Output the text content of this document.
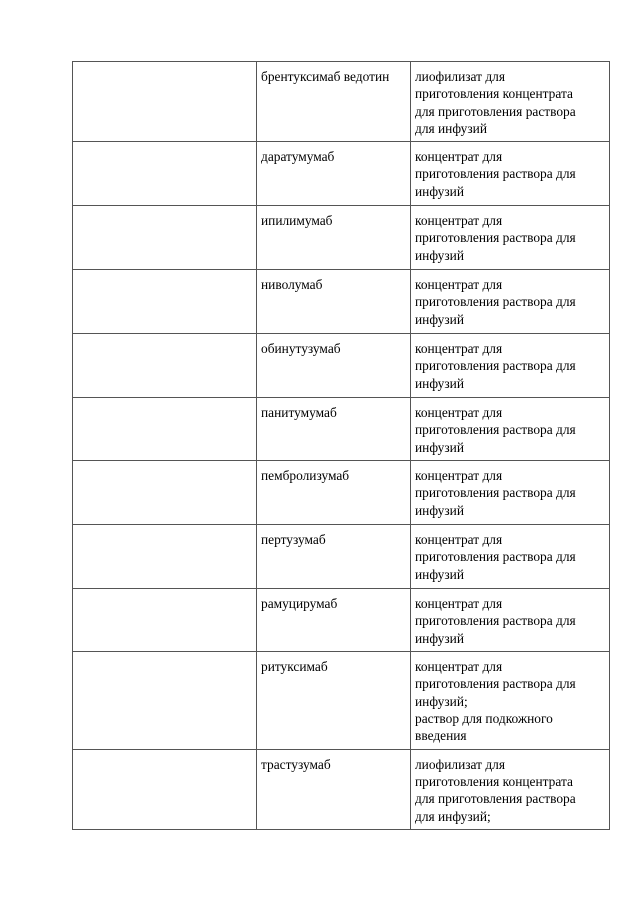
	брентуксимаб ведотин	лиофилизат для
приготовления концентрата
для приготовления раствора
для инфузий
	даратумумаб	концентрат для
приготовления раствора для
инфузий
	ипилимумаб	концентрат для
приготовления раствора для
инфузий
	ниволумаб	концентрат для
приготовления раствора для
инфузий
	обинутузумаб	концентрат для
приготовления раствора для
инфузий
	панитумумаб	концентрат для
приготовления раствора для
инфузий
	пембролизумаб	концентрат для
приготовления раствора для
инфузий
	пертузумаб	концентрат для
приготовления раствора для
инфузий
	рамуцирумаб	концентрат для
приготовления раствора для
инфузий
	ритуксимаб	концентрат для
приготовления раствора для
инфузий;
раствор для подкожного
введения
	трастузумаб	лиофилизат для
приготовления концентрата
для приготовления раствора
для инфузий;
